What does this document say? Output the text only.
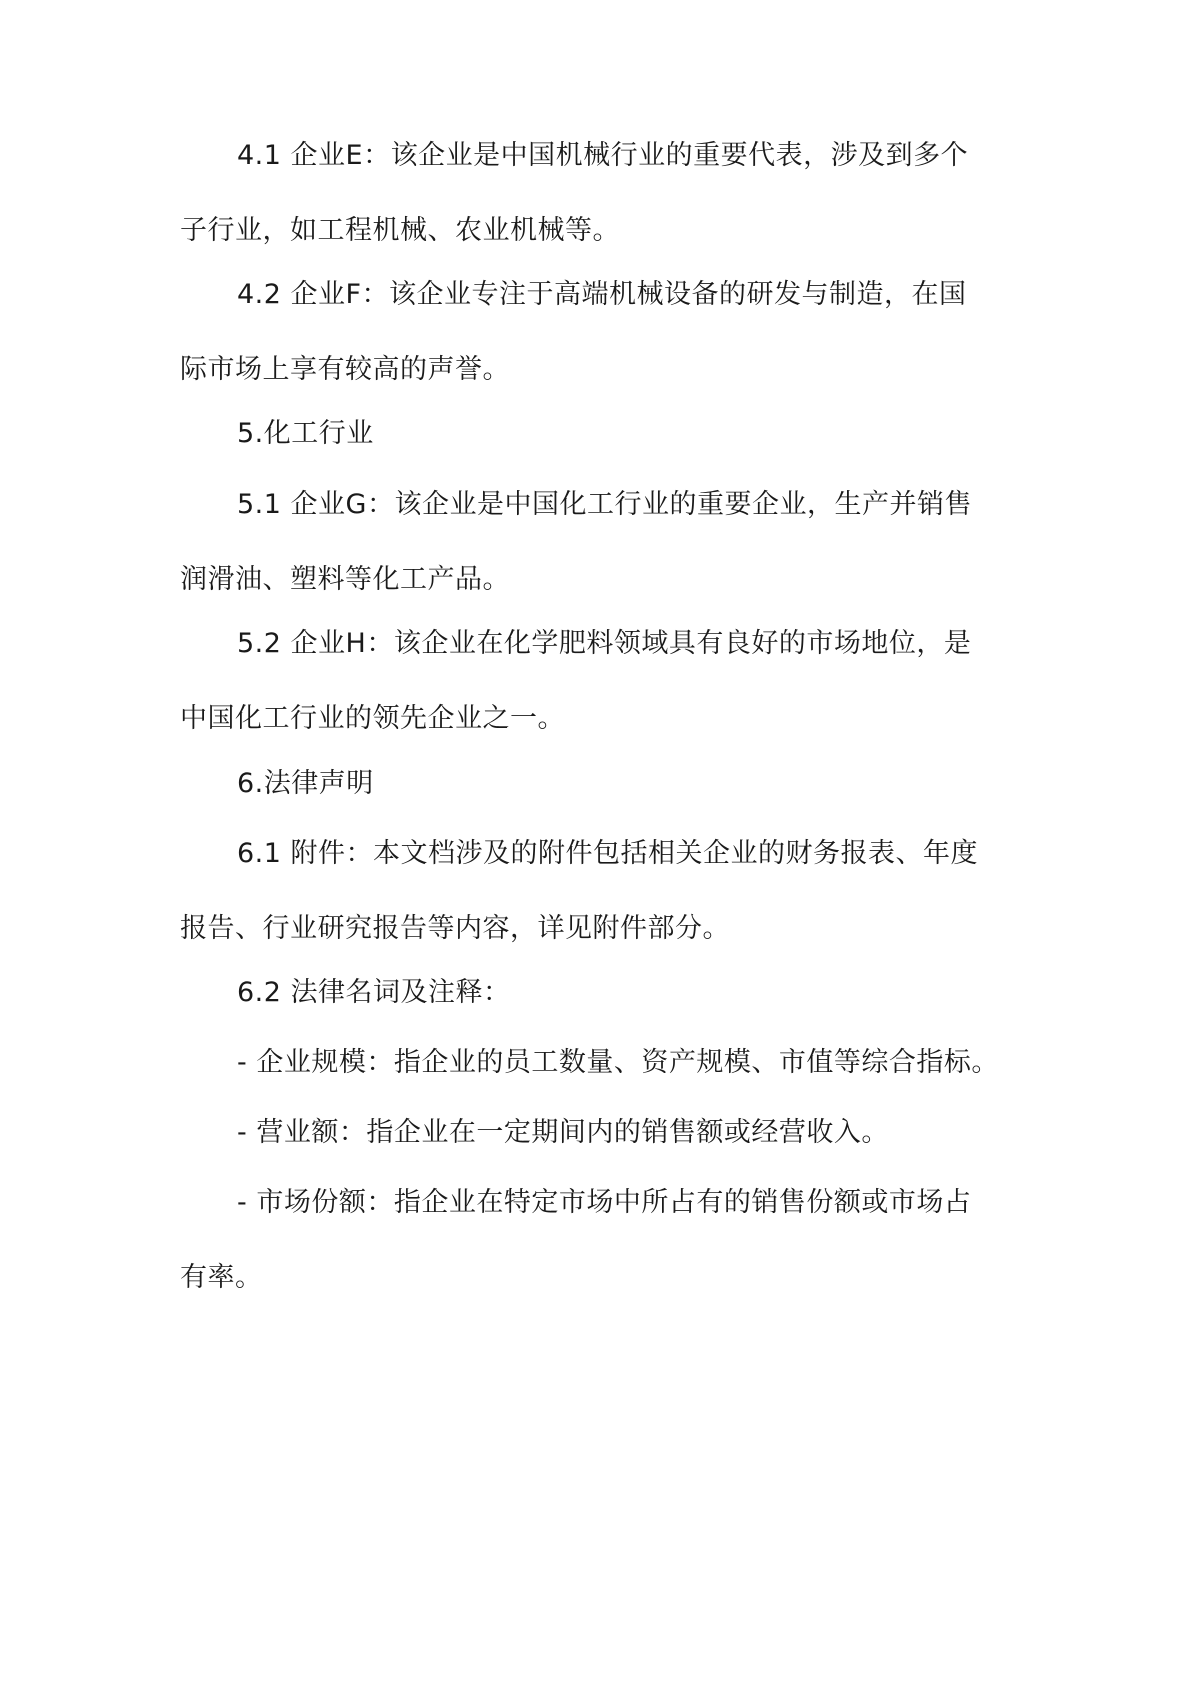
4.1 企业E：该企业是中国机械行业的重要代表，涉及到多个
子行业，如工程机械、农业机械等。

4.2 企业F：该企业专注于高端机械设备的研发与制造，在国
际市场上享有较高的声誉。

5.化工行业

5.1 企业G：该企业是中国化工行业的重要企业，生产并销售
润滑油、塑料等化工产品。

5.2 企业H：该企业在化学肥料领域具有良好的市场地位，是
中国化工行业的领先企业之一。

6.法律声明

6.1 附件：本文档涉及的附件包括相关企业的财务报表、年度
报告、行业研究报告等内容，详见附件部分。

6.2 法律名词及注释：

- 企业规模：指企业的员工数量、资产规模、市值等综合指标。

- 营业额：指企业在一定期间内的销售额或经营收入。

- 市场份额：指企业在特定市场中所占有的销售份额或市场占
有率。
